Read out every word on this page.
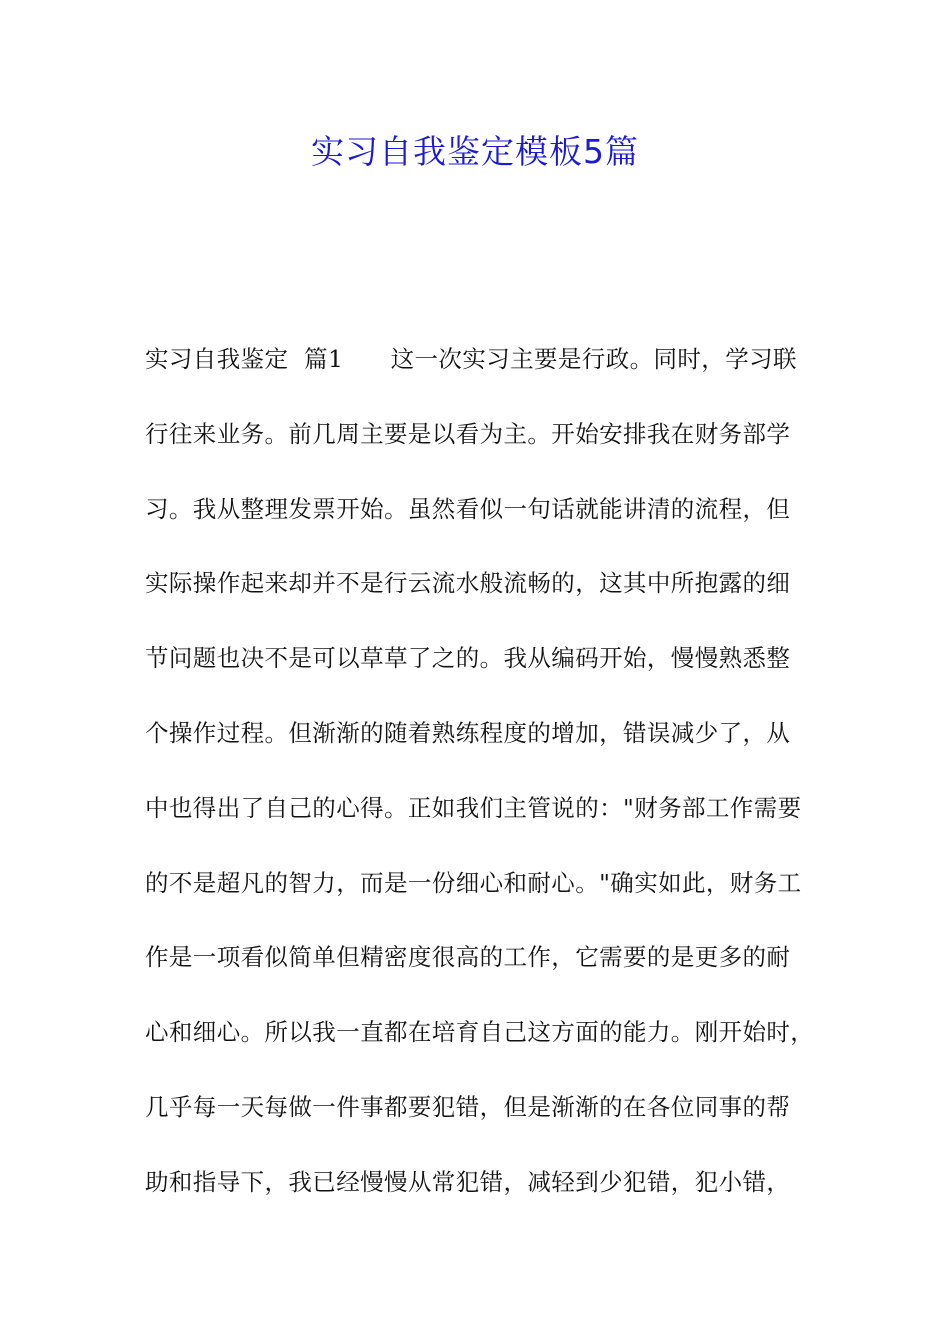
实习自我鉴定模板5篇
实习自我鉴定  篇1      这一次实习主要是行政。同时，学习联
行往来业务。前几周主要是以看为主。开始安排我在财务部学
习。我从整理发票开始。虽然看似一句话就能讲清的流程，但
实际操作起来却并不是行云流水般流畅的，这其中所抱露的细
节问题也决不是可以草草了之的。我从编码开始，慢慢熟悉整
个操作过程。但渐渐的随着熟练程度的增加，错误减少了，从
中也得出了自己的心得。正如我们主管说的："财务部工作需要
的不是超凡的智力，而是一份细心和耐心。"确实如此，财务工
作是一项看似简单但精密度很高的工作，它需要的是更多的耐
心和细心。所以我一直都在培育自己这方面的能力。刚开始时，
几乎每一天每做一件事都要犯错，但是渐渐的在各位同事的帮
助和指导下，我已经慢慢从常犯错，减轻到少犯错，犯小错，
